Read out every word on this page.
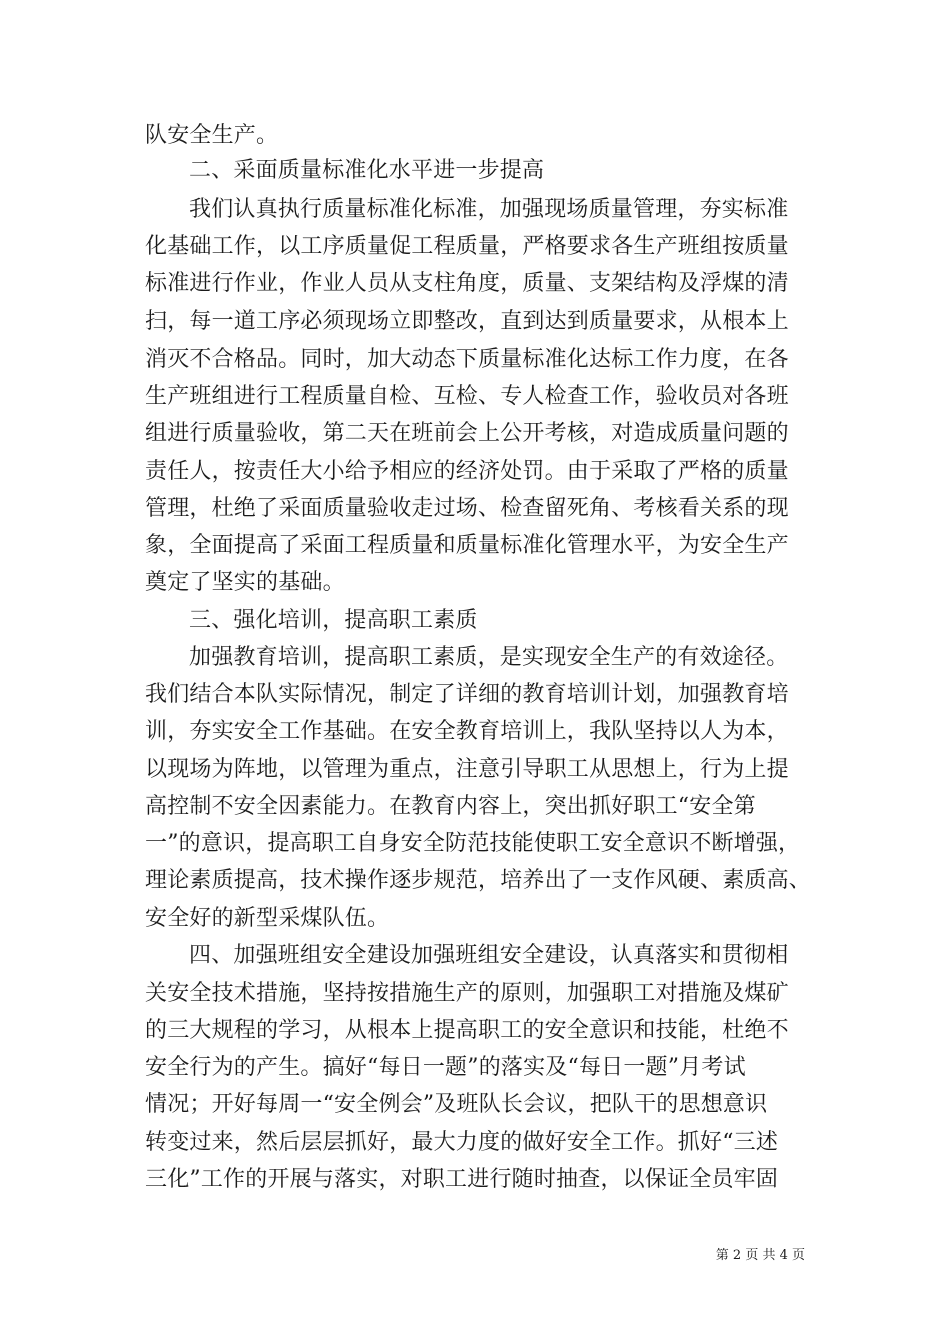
队安全生产。
二、采面质量标准化水平进一步提高
我们认真执行质量标准化标准，加强现场质量管理，夯实标准
化基础工作，以工序质量促工程质量，严格要求各生产班组按质量
标准进行作业，作业人员从支柱角度，质量、支架结构及浮煤的清
扫，每一道工序必须现场立即整改，直到达到质量要求，从根本上
消灭不合格品。同时，加大动态下质量标准化达标工作力度，在各
生产班组进行工程质量自检、互检、专人检查工作，验收员对各班
组进行质量验收，第二天在班前会上公开考核，对造成质量问题的
责任人，按责任大小给予相应的经济处罚。由于采取了严格的质量
管理，杜绝了采面质量验收走过场、检查留死角、考核看关系的现
象，全面提高了采面工程质量和质量标准化管理水平，为安全生产
奠定了坚实的基础。
三、强化培训，提高职工素质
加强教育培训，提高职工素质，是实现安全生产的有效途径。
我们结合本队实际情况，制定了详细的教育培训计划，加强教育培
训，夯实安全工作基础。在安全教育培训上，我队坚持以人为本，
以现场为阵地，以管理为重点，注意引导职工从思想上，行为上提
高控制不安全因素能力。在教育内容上，突出抓好职工“安全第
一”的意识，提高职工自身安全防范技能使职工安全意识不断增强，
理论素质提高，技术操作逐步规范，培养出了一支作风硬、素质高、
安全好的新型采煤队伍。
四、加强班组安全建设加强班组安全建设，认真落实和贯彻相
关安全技术措施，坚持按措施生产的原则，加强职工对措施及煤矿
的三大规程的学习，从根本上提高职工的安全意识和技能，杜绝不
安全行为的产生。搞好“每日一题”的落实及“每日一题”月考试
情况；开好每周一“安全例会”及班队长会议，把队干的思想意识
转变过来，然后层层抓好，最大力度的做好安全工作。抓好“三述
三化”工作的开展与落实，对职工进行随时抽查，以保证全员牢固
第 2 页 共 4 页
